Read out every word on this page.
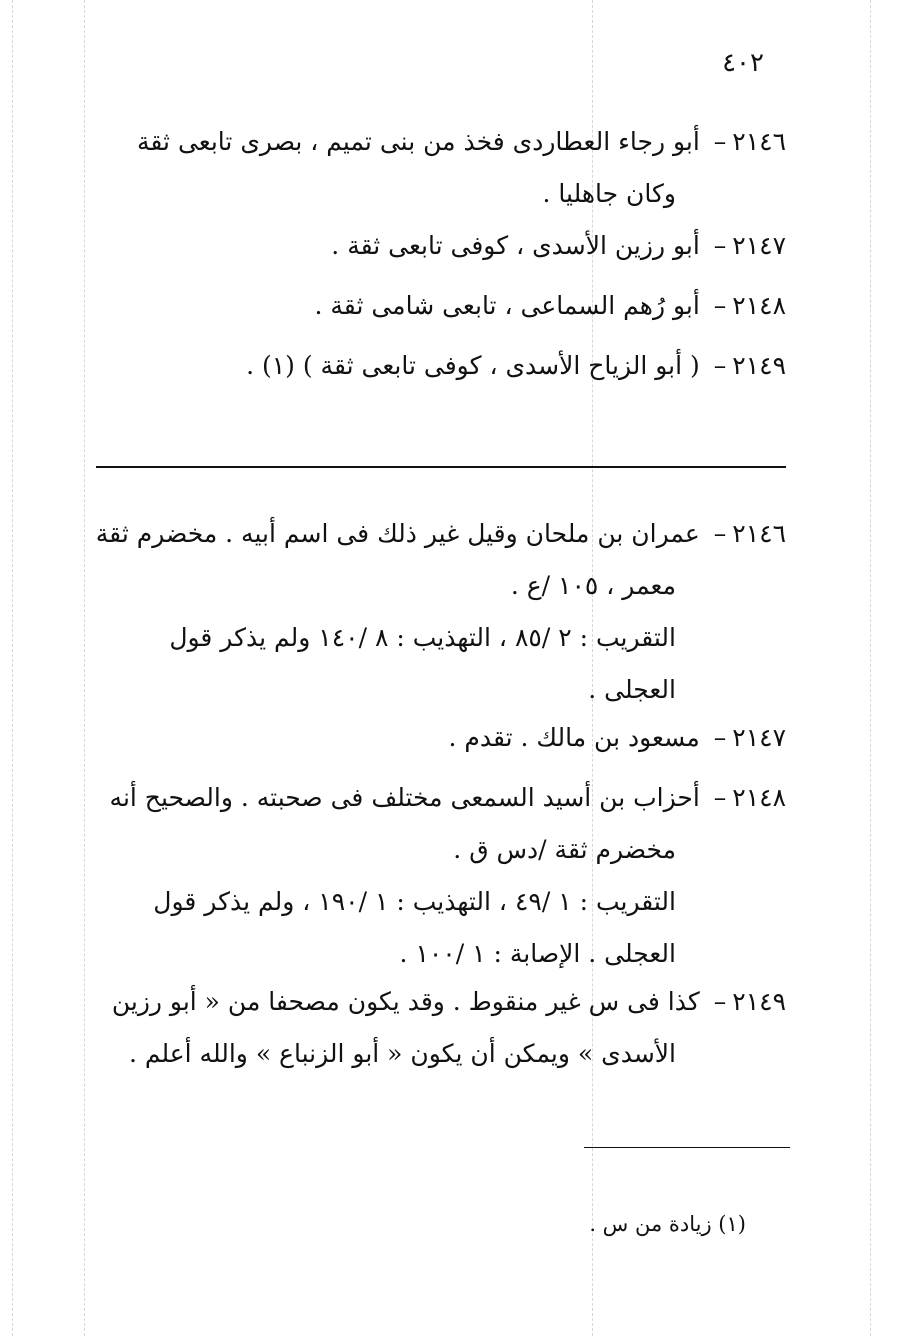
٤٠٢
٢١٤٦–أبو رجاء العطاردى فخذ من بنى تميم ، بصرى تابعى ثقة
وكان جاهليا .
٢١٤٧–أبو رزين الأسدى ، كوفى تابعى ثقة .
٢١٤٨–أبو رُهم السماعى ، تابعى شامى ثقة .
٢١٤٩–( أبو الزياح الأسدى ، كوفى تابعى ثقة ) (١) .
٢١٤٦–عمران بن ملحان وقيل غير ذلك فى اسم أبيه . مخضرم ثقة
معمر ، ١٠٥ /ع .
التقريب : ٢ /٨٥ ، التهذيب : ٨ /١٤٠ ولم يذكر قول
العجلى .
٢١٤٧–مسعود بن مالك . تقدم .
٢١٤٨–أحزاب بن أسيد السمعى مختلف فى صحبته . والصحيح أنه
مخضرم ثقة /دس ق .
التقريب : ١ /٤٩ ، التهذيب : ١ /١٩٠ ، ولم يذكر قول
العجلى . الإصابة : ١ /١٠٠ .
٢١٤٩–كذا فى س غير منقوط . وقد يكون مصحفا من « أبو رزين
الأسدى » ويمكن أن يكون « أبو الزنباع » والله أعلم .
(١) زيادة من س .
